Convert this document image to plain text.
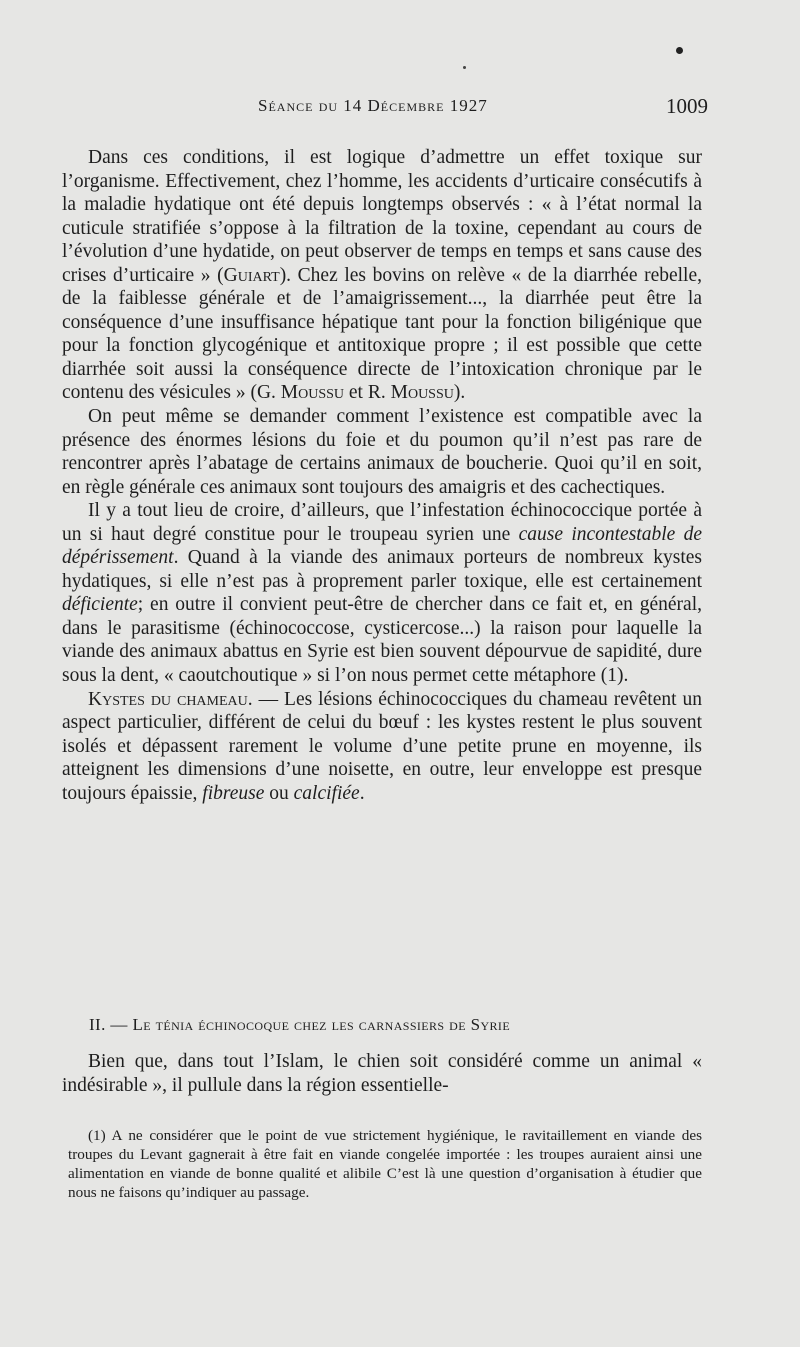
Séance du 14 Décembre 1927	1009

Dans ces conditions, il est logique d’admettre un effet toxique sur l’organisme. Effectivement, chez l’homme, les accidents d’urticaire consécutifs à la maladie hydatique ont été depuis longtemps observés : « à l’état normal la cuticule stratifiée s’oppose à la filtration de la toxine, cependant au cours de l’évolution d’une hydatide, on peut observer de temps en temps et sans cause des crises d’urticaire » (Guiart). Chez les bovins on relève « de la diarrhée rebelle, de la faiblesse générale et de l’amaigrissement..., la diarrhée peut être la conséquence d’une insuffisance hépatique tant pour la fonction biligénique que pour la fonction glycogénique et antitoxique propre ; il est possible que cette diarrhée soit aussi la conséquence directe de l’intoxication chronique par le contenu des vésicules » (G. Moussu et R. Moussu).

On peut même se demander comment l’existence est compatible avec la présence des énormes lésions du foie et du poumon qu’il n’est pas rare de rencontrer après l’abatage de certains animaux de boucherie. Quoi qu’il en soit, en règle générale ces animaux sont toujours des amaigris et des cachectiques.

Il y a tout lieu de croire, d’ailleurs, que l’infestation échinococcique portée à un si haut degré constitue pour le troupeau syrien une cause incontestable de dépérissement. Quand à la viande des animaux porteurs de nombreux kystes hydatiques, si elle n’est pas à proprement parler toxique, elle est certainement déficiente; en outre il convient peut-être de chercher dans ce fait et, en général, dans le parasitisme (échinococcose, cysticercose...) la raison pour laquelle la viande des animaux abattus en Syrie est bien souvent dépourvue de sapidité, dure sous la dent, « caoutchoutique » si l’on nous permet cette métaphore (1).

Kystes du chameau. — Les lésions échinococciques du chameau revêtent un aspect particulier, différent de celui du bœuf : les kystes restent le plus souvent isolés et dépassent rarement le volume d’une petite prune en moyenne, ils atteignent les dimensions d’une noisette, en outre, leur enveloppe est presque toujours épaissie, fibreuse ou calcifiée.

II. — Le ténia échinocoque chez les carnassiers de Syrie

Bien que, dans tout l’Islam, le chien soit considéré comme un animal « indésirable », il pullule dans la région essentielle-

(1) A ne considérer que le point de vue strictement hygiénique, le ravitaillement en viande des troupes du Levant gagnerait à être fait en viande congelée importée : les troupes auraient ainsi une alimentation en viande de bonne qualité et alibile C’est là une question d’organisation à étudier que nous ne faisons qu’indiquer au passage.
